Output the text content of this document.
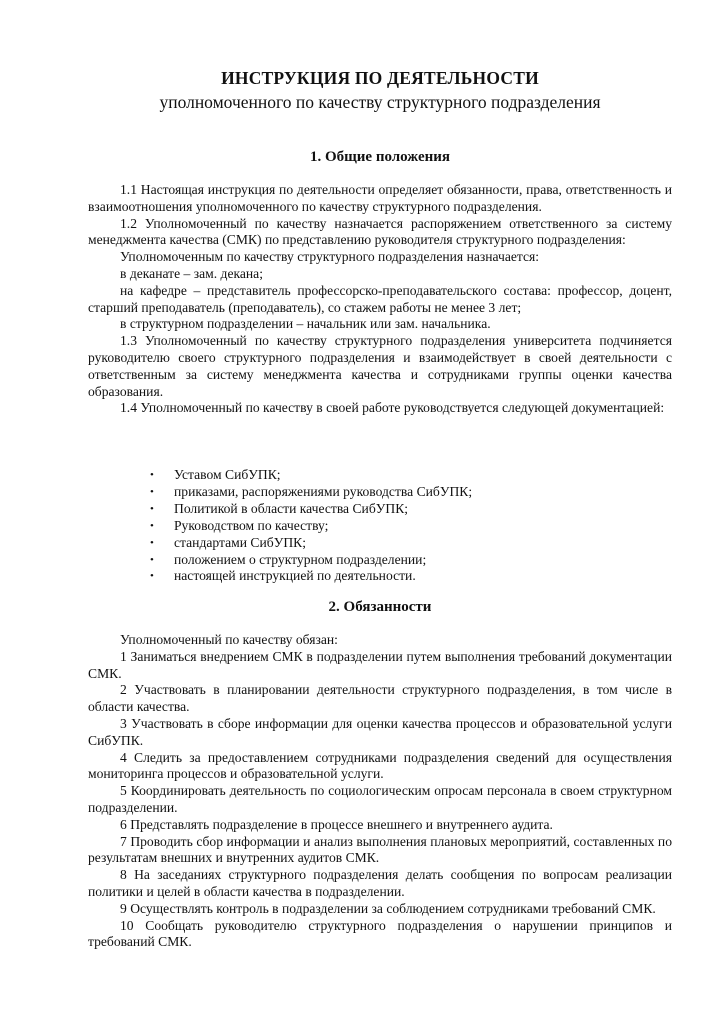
ИНСТРУКЦИЯ ПО ДЕЯТЕЛЬНОСТИ
уполномоченного по качеству структурного подразделения
1. Общие положения

1.1 Настоящая инструкция по деятельности определяет обязанности, права, ответственность и взаимоотношения уполномоченного по качеству структурного подразделения.

1.2 Уполномоченный по качеству назначается распоряжением ответственного за систему менеджмента качества (СМК) по представлению руководителя структурного подразделения:

Уполномоченным по качеству структурного подразделения назначается:

в деканате – зам. декана;

на кафедре – представитель профессорско-преподавательского состава: профессор, доцент, старший преподаватель (преподаватель), со стажем работы не менее 3 лет;

в структурном подразделении – начальник или зам. начальника.

1.3 Уполномоченный по качеству структурного подразделения университета подчиняется руководителю своего структурного подразделения и взаимодействует в своей деятельности с ответственным за систему менеджмента качества и сотрудниками группы оценки качества образования.

1.4 Уполномоченный по качеству в своей работе руководствуется следующей документацией:

• Уставом СибУПК;
• приказами, распоряжениями руководства СибУПК;
• Политикой в области качества СибУПК;
• Руководством по качеству;
• стандартами СибУПК;
• положением о структурном подразделении;
• настоящей инструкцией по деятельности.
2. Обязанности

Уполномоченный по качеству обязан:

1 Заниматься внедрением СМК в подразделении путем выполнения требований документации СМК.

2 Участвовать в планировании деятельности структурного подразделения, в том числе в области качества.

3 Участвовать в сборе информации для оценки качества процессов и образовательной услуги СибУПК.

4 Следить за предоставлением сотрудниками подразделения сведений для осуществления мониторинга процессов и образовательной услуги.

5 Координировать деятельность по социологическим опросам персонала в своем структурном подразделении.

6 Представлять подразделение в процессе внешнего и внутреннего аудита.

7 Проводить сбор информации и анализ выполнения плановых мероприятий, составленных по результатам внешних и внутренних аудитов СМК.

8 На заседаниях структурного подразделения делать сообщения по вопросам реализации политики и целей в области качества в подразделении.

9 Осуществлять контроль в подразделении за соблюдением сотрудниками требований СМК.

10 Сообщать руководителю структурного подразделения о нарушении принципов и требований СМК.
